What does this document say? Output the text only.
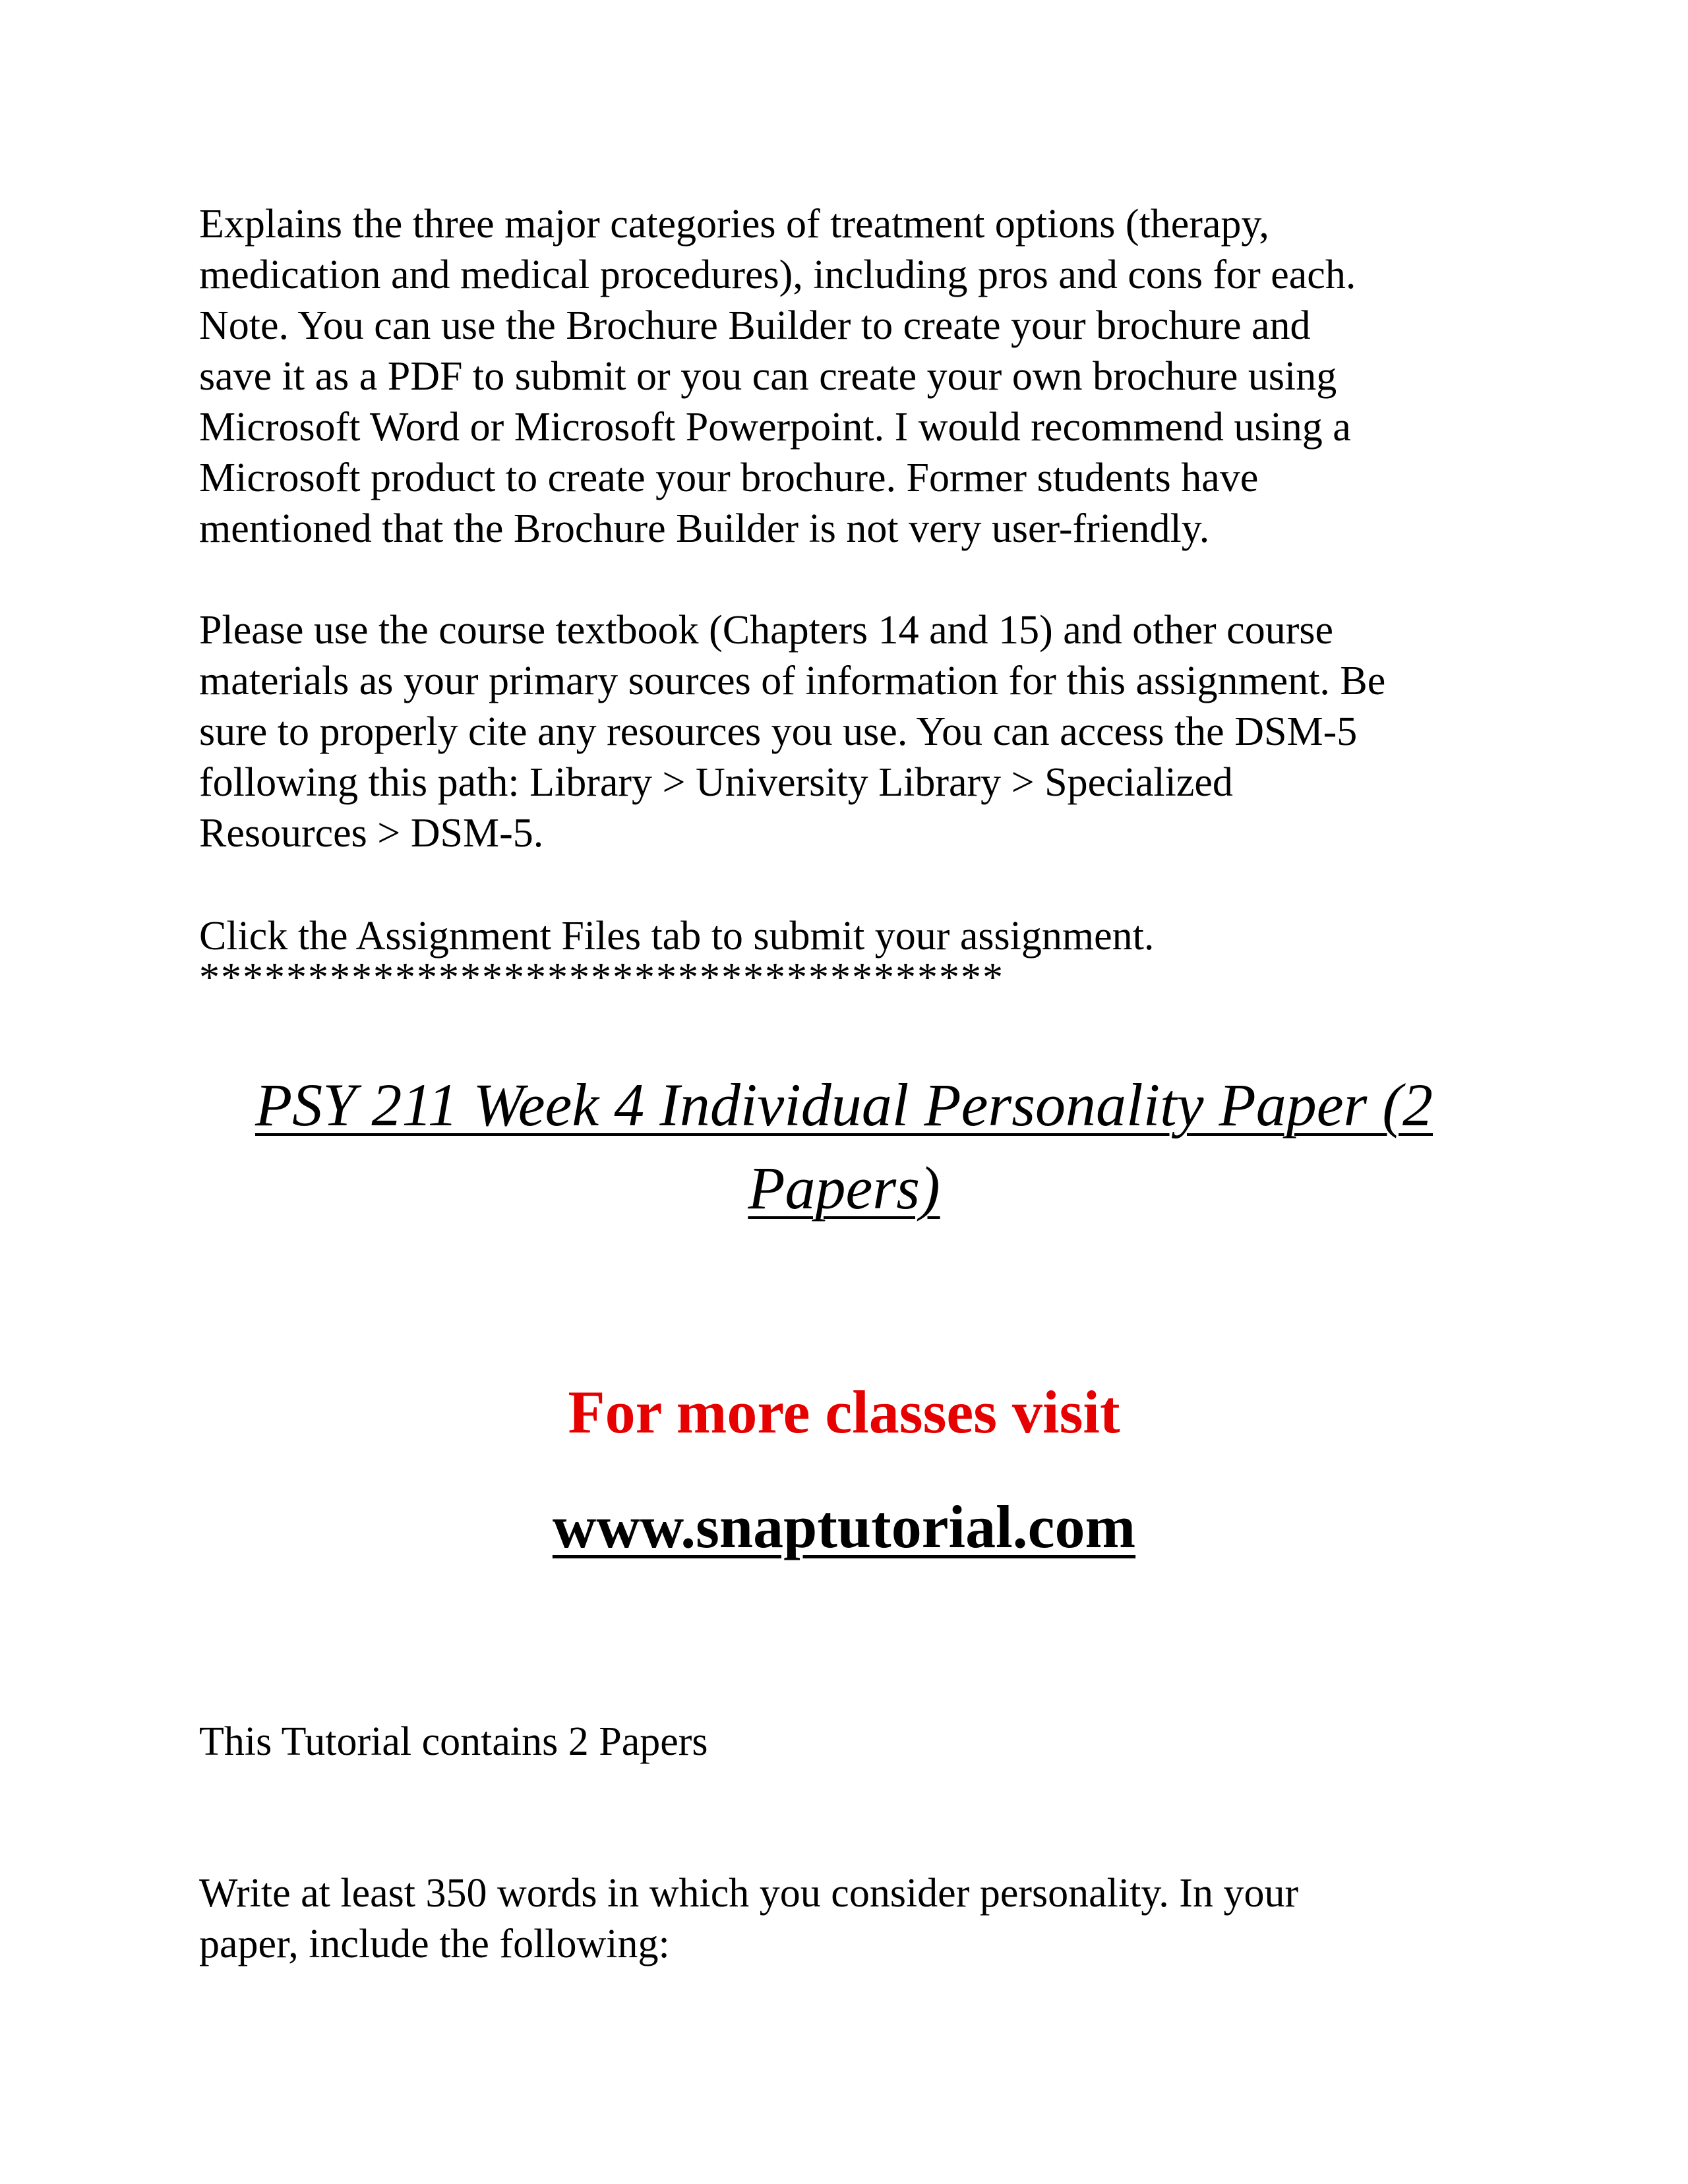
Explains the three major categories of treatment options (therapy,
medication and medical procedures), including pros and cons for each.
Note. You can use the Brochure Builder to create your brochure and
save it as a PDF to submit or you can create your own brochure using
Microsoft Word or Microsoft Powerpoint. I would recommend using a
Microsoft product to create your brochure. Former students have
mentioned that the Brochure Builder is not very user-friendly.
Please use the course textbook (Chapters 14 and 15) and other course
materials as your primary sources of information for this assignment. Be
sure to properly cite any resources you use. You can access the DSM-5
following this path: Library > University Library > Specialized
Resources > DSM-5.
Click the Assignment Files tab to submit your assignment.
*************************************
PSY 211 Week 4 Individual Personality Paper (2
Papers)
For more classes visit
www.snaptutorial.com
This Tutorial contains 2 Papers
Write at least 350 words in which you consider personality. In your
paper, include the following:
